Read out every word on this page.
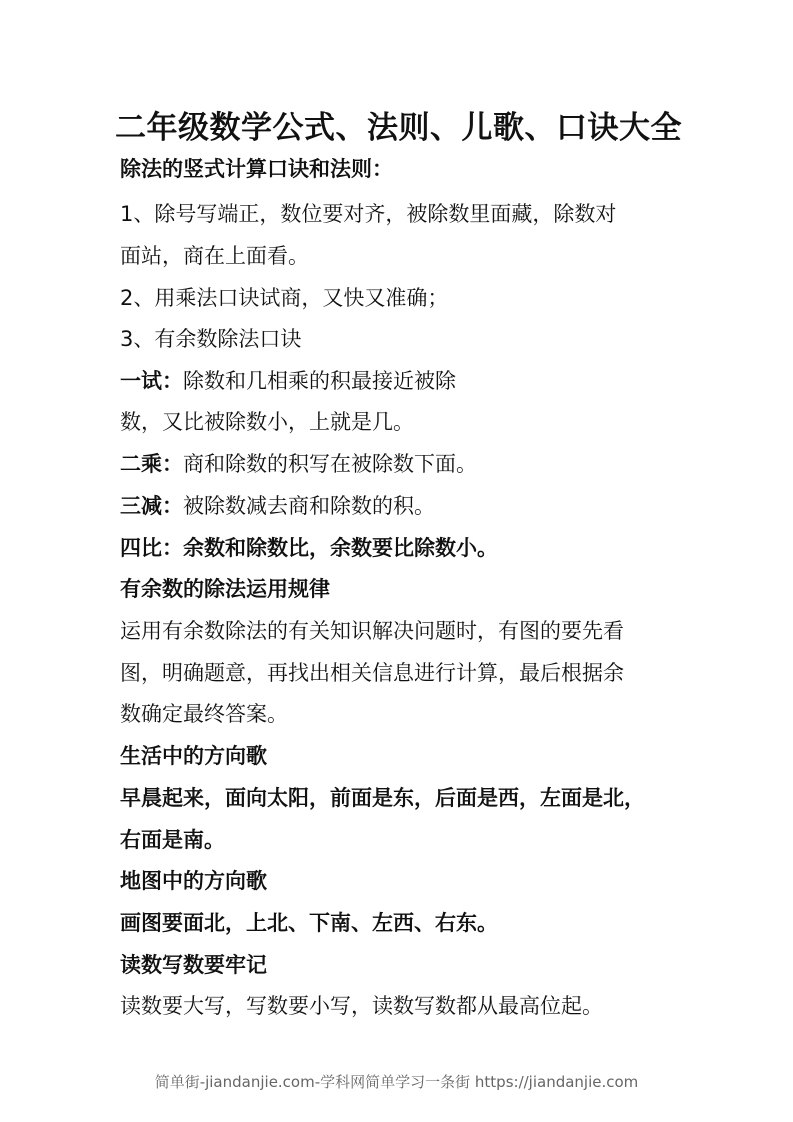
二年级数学公式、法则、儿歌、口诀大全
除法的竖式计算口诀和法则：
1、除号写端正，数位要对齐，被除数里面藏，除数对
面站，商在上面看。
2、用乘法口诀试商，又快又准确；
3、有余数除法口诀
一试：除数和几相乘的积最接近被除
数，又比被除数小，上就是几。
二乘：商和除数的积写在被除数下面。
三减：被除数减去商和除数的积。
四比：余数和除数比，余数要比除数小。
有余数的除法运用规律
运用有余数除法的有关知识解决问题时，有图的要先看
图，明确题意，再找出相关信息进行计算，最后根据余
数确定最终答案。
生活中的方向歌
早晨起来，面向太阳，前面是东，后面是西，左面是北，
右面是南。
地图中的方向歌
画图要面北，上北、下南、左西、右东。
读数写数要牢记
读数要大写，写数要小写，读数写数都从最高位起。
简单街-jiandanjie.com-学科网简单学习一条街 https://jiandanjie.com
